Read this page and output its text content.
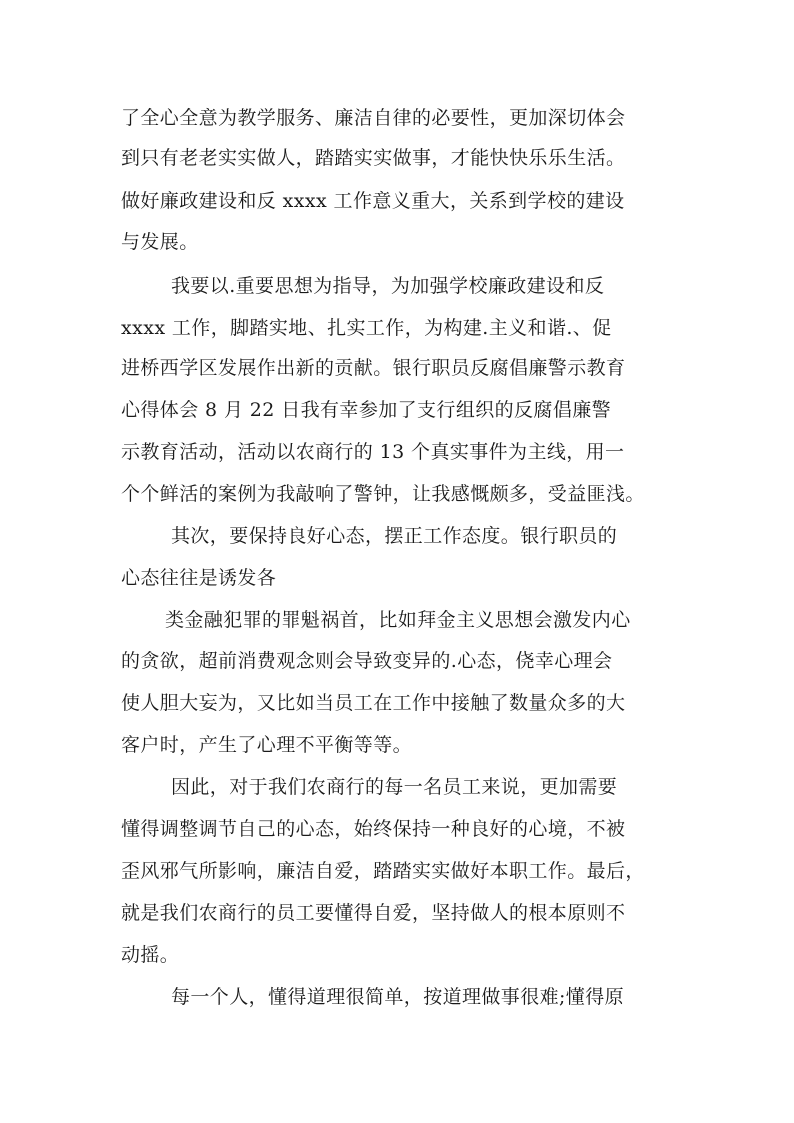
了全心全意为教学服务、廉洁自律的必要性，更加深切体会
到只有老老实实做人，踏踏实实做事，才能快快乐乐生活。
做好廉政建设和反 xxxx 工作意义重大，关系到学校的建设
与发展。
我要以.重要思想为指导，为加强学校廉政建设和反
xxxx 工作，脚踏实地、扎实工作，为构建.主义和谐.、促
进桥西学区发展作出新的贡献。银行职员反腐倡廉警示教育
心得体会 8 月 22 日我有幸参加了支行组织的反腐倡廉警
示教育活动，活动以农商行的 13 个真实事件为主线，用一
个个鲜活的案例为我敲响了警钟，让我感慨颇多，受益匪浅。
其次，要保持良好心态，摆正工作态度。银行职员的
心态往往是诱发各
类金融犯罪的罪魁祸首，比如拜金主义思想会激发内心
的贪欲，超前消费观念则会导致变异的.心态，侥幸心理会
使人胆大妄为，又比如当员工在工作中接触了数量众多的大
客户时，产生了心理不平衡等等。
因此，对于我们农商行的每一名员工来说，更加需要
懂得调整调节自己的心态，始终保持一种良好的心境，不被
歪风邪气所影响，廉洁自爱，踏踏实实做好本职工作。最后，
就是我们农商行的员工要懂得自爱，坚持做人的根本原则不
动摇。
每一个人，懂得道理很简单，按道理做事很难;懂得原
